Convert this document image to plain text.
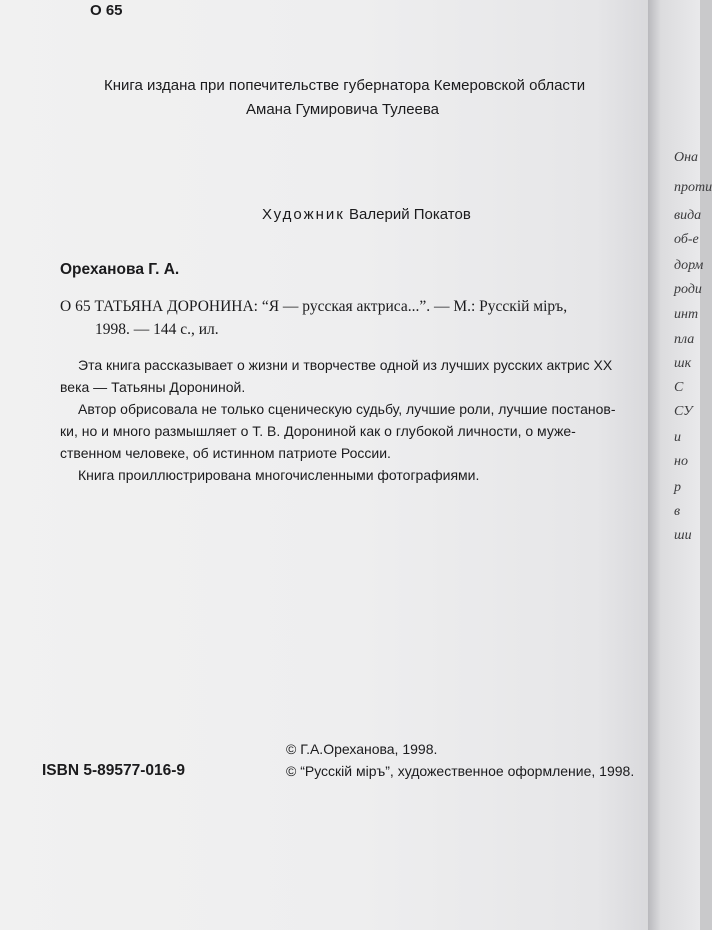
О 65
Книга издана при попечительстве губернатора Кемеровской области
Амана Гумировича Тулеева
Художник Валерий Покатов
Ореханова Г. А.
О 65 ТАТЬЯНА ДОРОНИНА: “Я — русская актриса...”. — М.: Русскій міръ,
1998. — 144 с., ил.
Эта книга рассказывает о жизни и творчестве одной из лучших русских актрис XX
века — Татьяны Дорониной.
Автор обрисовала не только сценическую судьбу, лучшие роли, лучшие постанов-
ки, но и много размышляет о Т. В. Дорониной как о глубокой личности, о муже-
ственном человеке, об истинном патриоте России.
Книга проиллюстрирована многочисленными фотографиями.
ISBN 5-89577-016-9
© Г.А.Ореханова, 1998.
© “Русскій міръ”, художественное оформление, 1998.
Она
проти
вида
об-е
дорм
роди
инт
пла
шк
С
СУ
и
но
р
в
ши
